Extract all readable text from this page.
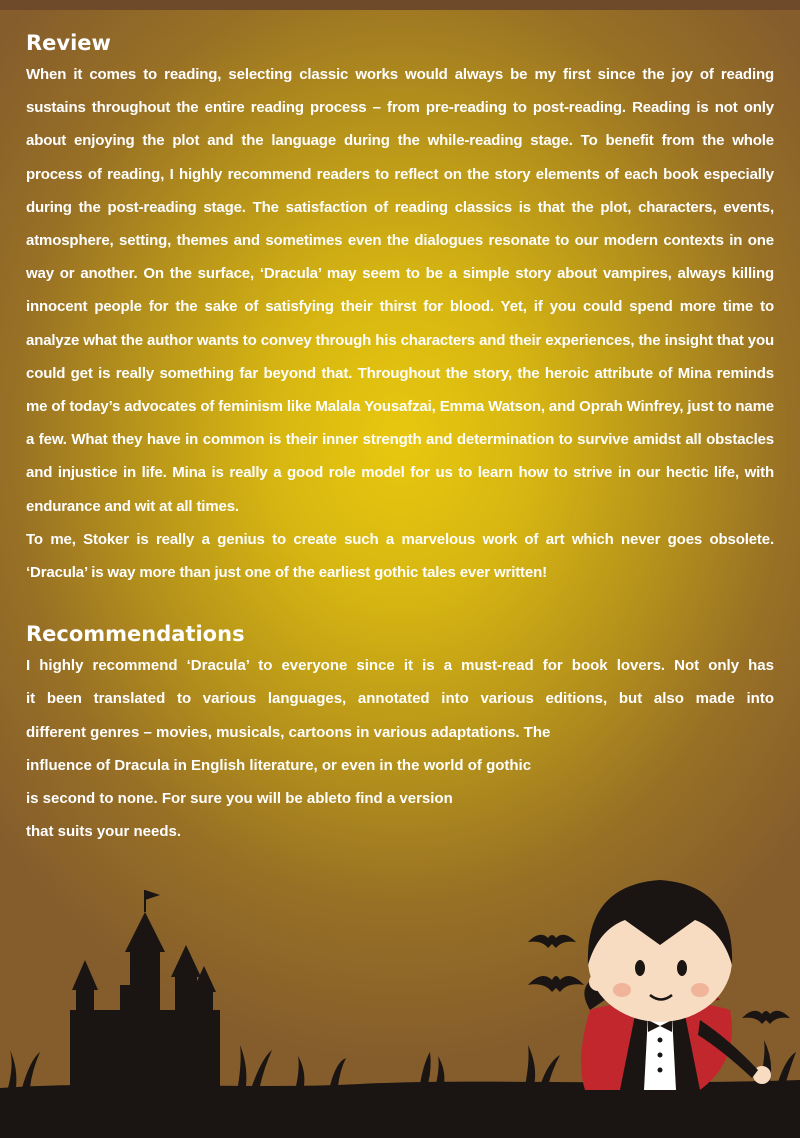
Review

When it comes to reading, selecting classic works would always be my first since the joy of reading sustains throughout the entire reading process – from pre-reading to post-reading. Reading is not only about enjoying the plot and the language during the while-reading stage. To benefit from the whole process of reading, I highly recommend readers to reflect on the story elements of each book especially during the post-reading stage. The satisfaction of reading classics is that the plot, characters, events, atmosphere, setting, themes and sometimes even the dialogues resonate to our modern contexts in one way or another. On the surface, ‘Dracula’ may seem to be a simple story about vampires, always killing innocent people for the sake of satisfying their thirst for blood. Yet, if you could spend more time to analyze what the author wants to convey through his characters and their experiences, the insight that you could get is really something far beyond that. Throughout the story, the heroic attribute of Mina reminds me of today’s advocates of feminism like Malala Yousafzai, Emma Watson, and Oprah Winfrey, just to name a few. What they have in common is their inner strength and determination to survive amidst all obstacles and injustice in life. Mina is really a good role model for us to learn how to strive in our hectic life, with endurance and wit at all times.

To me, Stoker is really a genius to create such a marvelous work of art which never goes obsolete. ‘Dracula’ is way more than just one of the earliest gothic tales ever written!

Recommendations
I highly recommend ‘Dracula’ to everyone since it is a must-read for book lovers. Not only has
it been translated to various languages, annotated into various editions, but also made into
different genres – movies, musicals, cartoons in various adaptations. The
influence of Dracula in English literature, or even in the world of gothic
is second to none. For sure you will be ableto find a version
that suits your needs.
